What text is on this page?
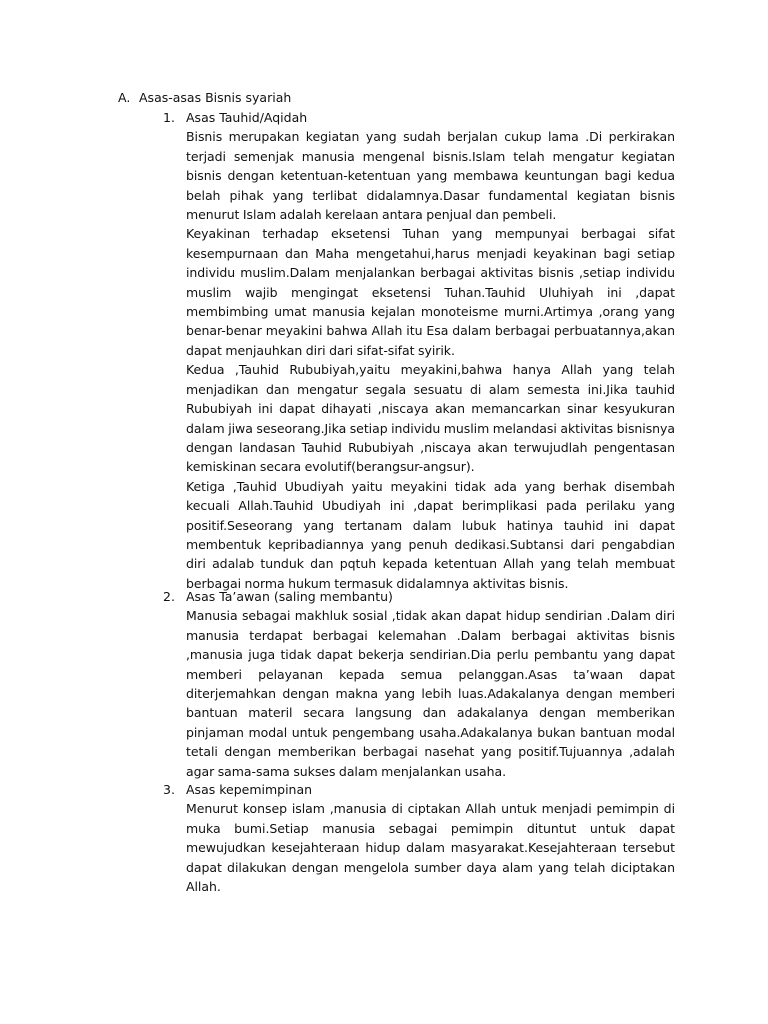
A. Asas-asas Bisnis syariah
1. Asas Tauhid/Aqidah

Bisnis merupakan kegiatan yang sudah berjalan cukup lama .Di perkirakan terjadi semenjak manusia mengenal bisnis.Islam telah mengatur kegiatan bisnis dengan ketentuan-ketentuan yang membawa keuntungan bagi kedua belah pihak yang terlibat didalamnya.Dasar fundamental kegiatan bisnis menurut Islam adalah kerelaan antara penjual dan pembeli.

Keyakinan terhadap eksetensi Tuhan yang mempunyai berbagai sifat kesempurnaan dan Maha mengetahui,harus menjadi keyakinan bagi setiap individu muslim.Dalam menjalankan berbagai aktivitas bisnis ,setiap individu muslim wajib mengingat eksetensi Tuhan.Tauhid Uluhiyah ini ,dapat membimbing umat manusia kejalan monoteisme murni.Artimya ,orang yang benar-benar meyakini bahwa Allah itu Esa dalam berbagai perbuatannya,akan dapat menjauhkan diri dari sifat-sifat syirik.

Kedua ,Tauhid Rububiyah,yaitu meyakini,bahwa hanya Allah yang telah menjadikan dan mengatur segala sesuatu di alam semesta ini.Jika tauhid Rububiyah ini dapat dihayati ,niscaya akan memancarkan sinar kesyukuran dalam jiwa seseorang.Jika setiap individu muslim melandasi aktivitas bisnisnya dengan landasan Tauhid Rububiyah ,niscaya akan terwujudlah pengentasan kemiskinan secara evolutif(berangsur-angsur).

Ketiga ,Tauhid Ubudiyah yaitu meyakini tidak ada yang berhak disembah kecuali Allah.Tauhid Ubudiyah ini ,dapat berimplikasi pada perilaku yang positif.Seseorang yang tertanam dalam lubuk hatinya tauhid ini dapat membentuk kepribadiannya yang penuh dedikasi.Subtansi dari pengabdian diri adalab tunduk dan pqtuh kepada ketentuan Allah yang telah membuat berbagai norma hukum termasuk didalamnya aktivitas bisnis.

2. Asas Ta’awan (saling membantu)

Manusia sebagai makhluk sosial ,tidak akan dapat hidup sendirian .Dalam diri manusia terdapat berbagai kelemahan .Dalam berbagai aktivitas bisnis ,manusia juga tidak dapat bekerja sendirian.Dia perlu pembantu yang dapat memberi pelayanan kepada semua pelanggan.Asas ta’waan dapat diterjemahkan dengan makna yang lebih luas.Adakalanya dengan memberi bantuan materil secara langsung dan adakalanya dengan memberikan pinjaman modal untuk pengembang usaha.Adakalanya bukan bantuan modal tetali dengan memberikan berbagai nasehat yang positif.Tujuannya ,adalah agar sama-sama sukses dalam menjalankan usaha.

3. Asas kepemimpinan

Menurut konsep islam ,manusia di ciptakan Allah untuk menjadi pemimpin di muka bumi.Setiap manusia sebagai pemimpin dituntut untuk dapat mewujudkan kesejahteraan hidup dalam masyarakat.Kesejahteraan tersebut dapat dilakukan dengan mengelola sumber daya alam yang telah diciptakan Allah.
